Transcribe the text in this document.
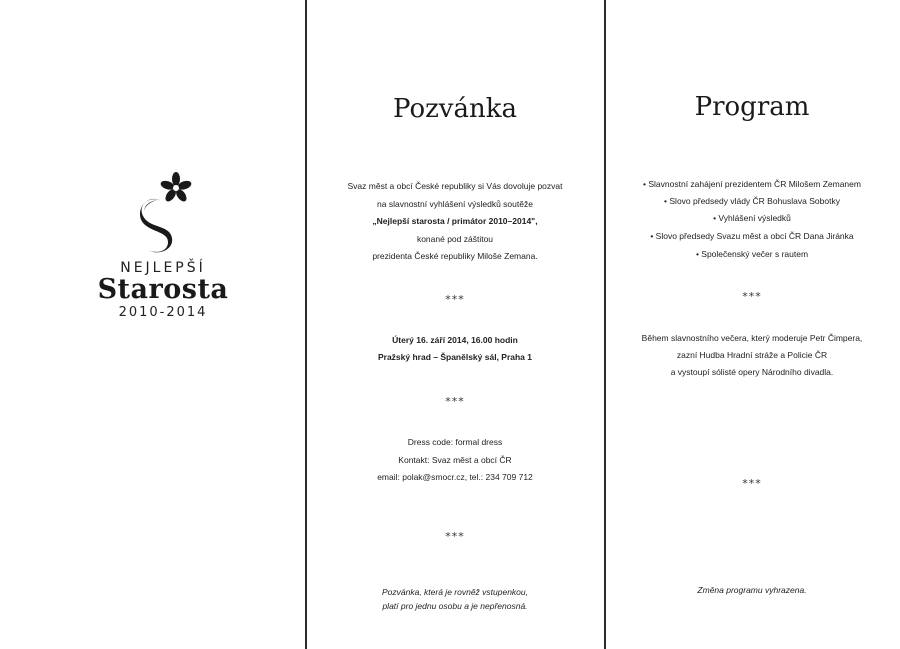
NEJLEPŠÍ
Starosta
2010-2014
Pozvánka
Svaz měst a obcí České republiky si Vás dovoluje pozvat
na slavnostní vyhlášení výsledků soutěže
„Nejlepší starosta / primátor 2010–2014",
konané pod záštitou
prezidenta České republiky Miloše Zemana.
***
Úterý 16. září 2014, 16.00 hodin
Pražský hrad – Španělský sál, Praha 1
***
Dress code: formal dress
Kontakt: Svaz měst a obcí ČR
email: polak@smocr.cz, tel.: 234 709 712
***
Pozvánka, která je rovněž vstupenkou,
platí pro jednu osobu a je nepřenosná.
Program
• Slavnostní zahájení prezidentem ČR Milošem Zemanem
• Slovo předsedy vlády ČR Bohuslava Sobotky
• Vyhlášení výsledků
• Slovo předsedy Svazu měst a obcí ČR Dana Jiránka
• Společenský večer s rautem
***
Během slavnostního večera, který moderuje Petr Čimpera,
zazní Hudba Hradní stráže a Policie ČR
a vystoupí sólisté opery Národního divadla.
***
Změna programu vyhrazena.
